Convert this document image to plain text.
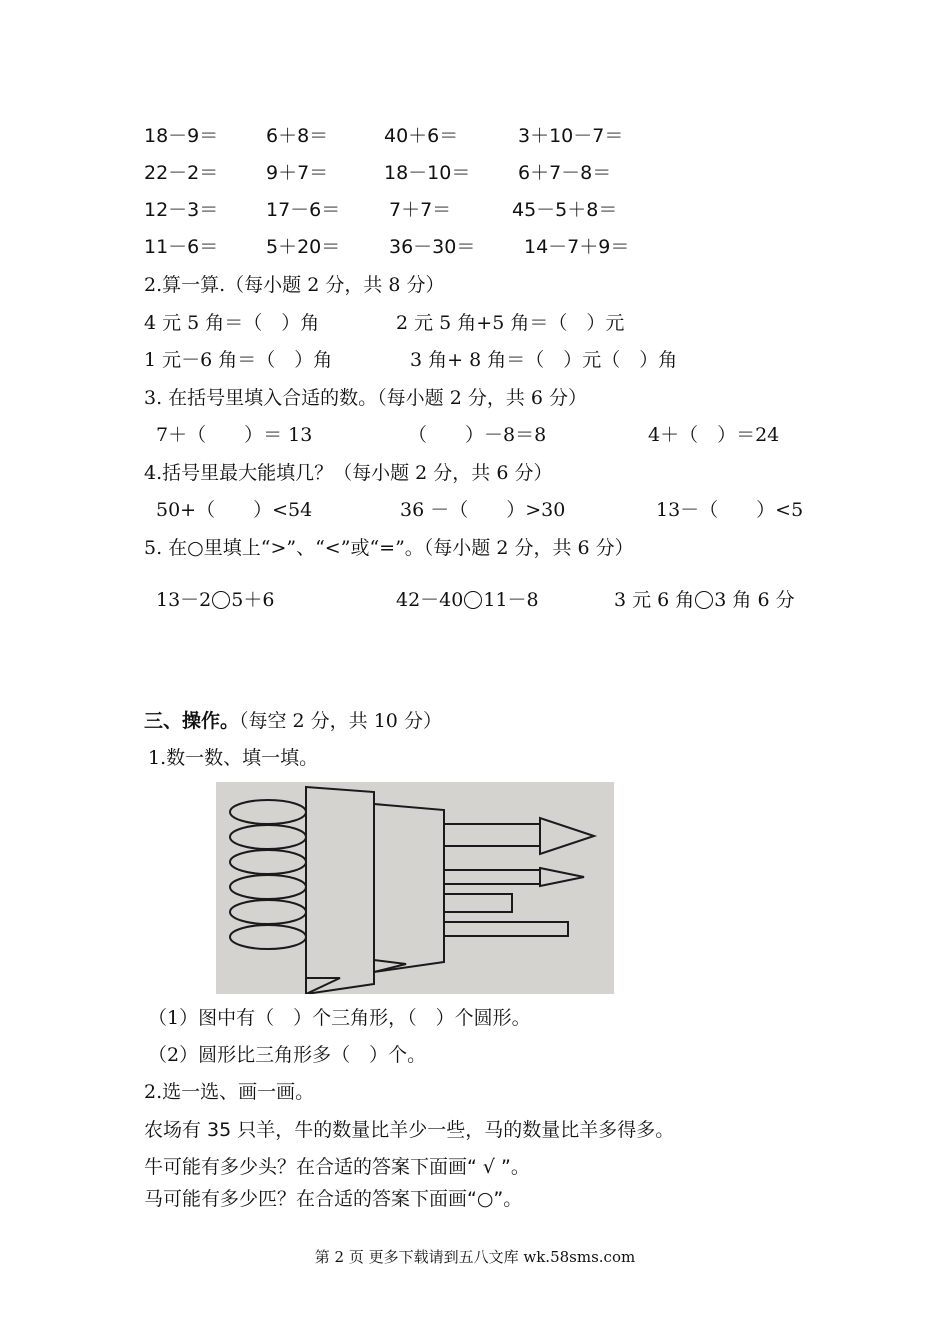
18－9＝	6＋8＝	40＋6＝	3＋10－7＝
22－2＝	9＋7＝	18－10＝	6＋7－8＝
12－3＝	17－6＝	7＋7＝	45－5＋8＝
11－6＝	5＋20＝	36－30＝	14－7＋9＝
2.算一算.（每小题 2 分，共 8 分）
4 元 5 角＝（　）角	2 元 5 角+5 角＝（　）元
1 元－6 角＝（　）角	3 角+ 8 角＝（　）元（　）角
3. 在括号里填入合适的数。（每小题 2 分，共 6 分）
7＋（　　）＝ 13	（　　）－8＝8	4＋（　）＝24
4.括号里最大能填几？（每小题 2 分，共 6 分）
50+（　　）<54	36 －（　　）>30	13－（　　）<5
5. 在○里填上“>”、“<”或“=”。（每小题 2 分，共 6 分）
13－2 5＋6	42－40 11－8	3 元 6 角 3 角 6 分
三、操作。（每空 2 分，共 10 分）
1.数一数、填一填。
（1）图中有（　）个三角形，（　）个圆形。
（2）圆形比三角形多（　）个。
2.选一选、画一画。
农场有 35 只羊，牛的数量比羊少一些，马的数量比羊多得多。
牛可能有多少头？在合适的答案下面画“ √ ”。
马可能有多少匹？在合适的答案下面画“○”。
第 2 页 更多下载请到五八文库 wk.58sms.com
